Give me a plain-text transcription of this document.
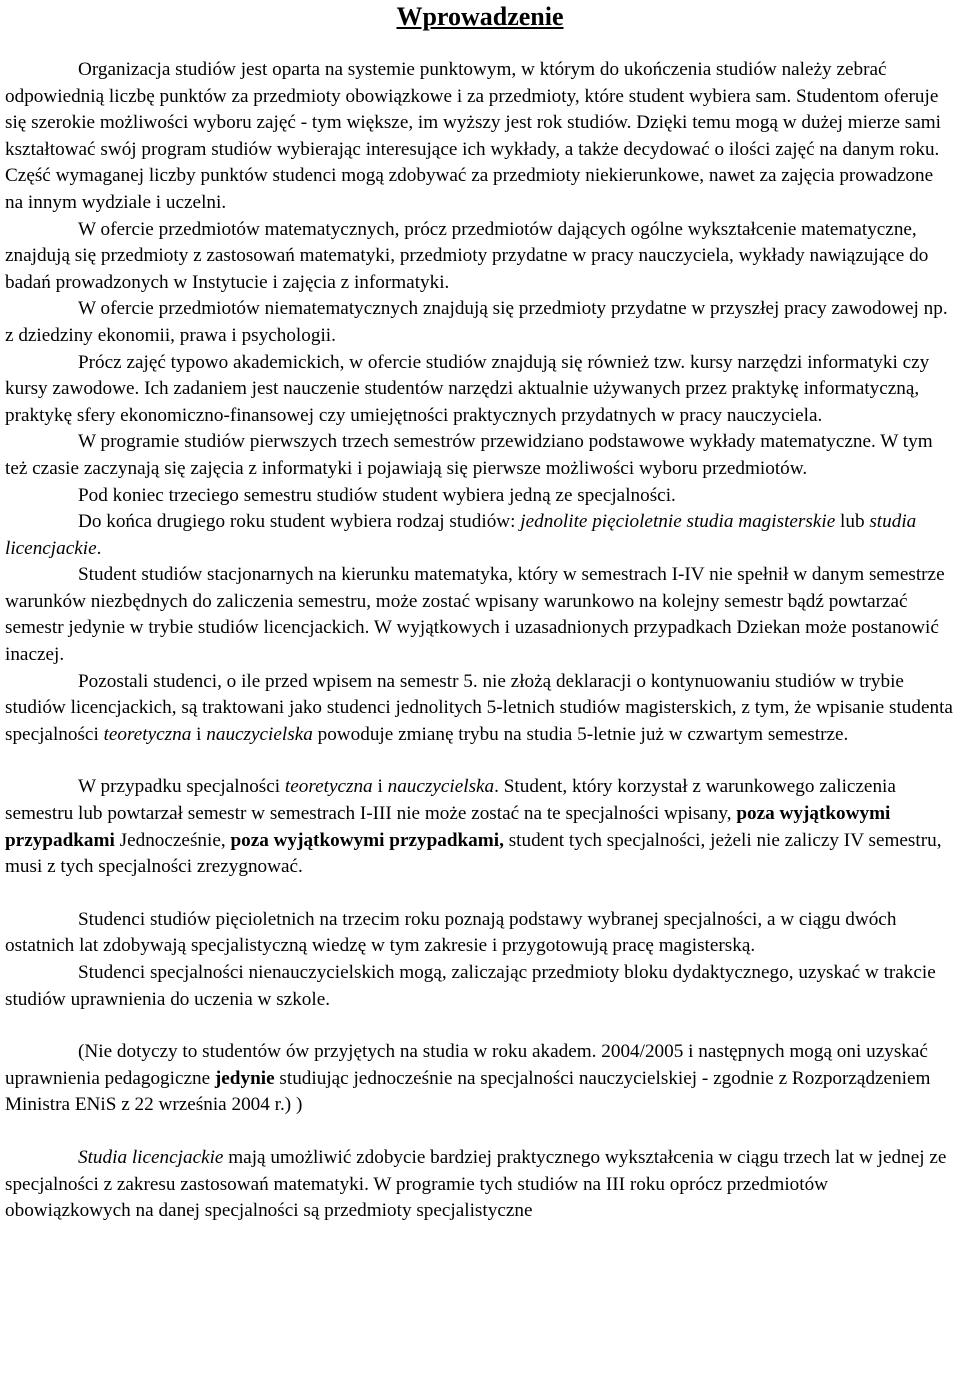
Wprowadzenie

Organizacja studiów jest oparta na systemie punktowym, w którym do ukończenia studiów należy zebrać odpowiednią liczbę punktów za przedmioty obowiązkowe i za przedmioty, które student wybiera sam. Studentom oferuje się szerokie możliwości wyboru zajęć - tym większe, im wyższy jest rok studiów. Dzięki temu mogą w dużej mierze sami kształtować swój program studiów wybierając interesujące ich wykłady, a także decydować o ilości zajęć na danym roku. Część wymaganej liczby punktów studenci mogą zdobywać za przedmioty niekierunkowe, nawet za zajęcia prowadzone na innym wydziale i uczelni.

W ofercie przedmiotów matematycznych, prócz przedmiotów dających ogólne wykształcenie matematyczne, znajdują się przedmioty z zastosowań matematyki, przedmioty przydatne w pracy nauczyciela, wykłady nawiązujące do badań prowadzonych w Instytucie i zajęcia z informatyki.

W ofercie przedmiotów niematematycznych znajdują się przedmioty przydatne w przyszłej pracy zawodowej np. z dziedziny ekonomii, prawa i psychologii.

Prócz zajęć typowo akademickich, w ofercie studiów znajdują się również tzw. kursy narzędzi informatyki czy kursy zawodowe. Ich zadaniem jest nauczenie studentów narzędzi aktualnie używanych przez praktykę informatyczną, praktykę sfery ekonomiczno-finansowej czy umiejętności praktycznych przydatnych w pracy nauczyciela.

W programie studiów pierwszych trzech semestrów przewidziano podstawowe wykłady matematyczne. W tym też czasie zaczynają się zajęcia z informatyki i pojawiają się pierwsze możliwości wyboru przedmiotów.

Pod koniec trzeciego semestru studiów student wybiera jedną ze specjalności.

Do końca drugiego roku student wybiera rodzaj studiów: jednolite pięcioletnie studia magisterskie lub studia licencjackie.

Student studiów stacjonarnych na kierunku matematyka, który w semestrach I-IV nie spełnił w danym semestrze warunków niezbędnych do zaliczenia semestru, może zostać wpisany warunkowo na kolejny semestr bądź powtarzać semestr jedynie w trybie studiów licencjackich. W wyjątkowych i uzasadnionych przypadkach Dziekan może postanowić inaczej.

Pozostali studenci, o ile przed wpisem na semestr 5. nie złożą deklaracji o kontynuowaniu studiów w trybie studiów licencjackich, są traktowani jako studenci jednolitych 5-letnich studiów magisterskich, z tym, że wpisanie studenta specjalności teoretyczna i nauczycielska powoduje zmianę trybu na studia 5-letnie już w czwartym semestrze.

W przypadku specjalności teoretyczna i nauczycielska. Student, który korzystał z warunkowego zaliczenia semestru lub powtarzał semestr w semestrach I-III nie może zostać na te specjalności wpisany, poza wyjątkowymi przypadkami Jednocześnie, poza wyjątkowymi przypadkami, student tych specjalności, jeżeli nie zaliczy IV semestru, musi z tych specjalności zrezygnować.

Studenci studiów pięcioletnich na trzecim roku poznają podstawy wybranej specjalności, a w ciągu dwóch ostatnich lat zdobywają specjalistyczną wiedzę w tym zakresie i przygotowują pracę magisterską.

Studenci specjalności nienauczycielskich mogą, zaliczając przedmioty bloku dydaktycznego, uzyskać w trakcie studiów uprawnienia do uczenia w szkole.

(Nie dotyczy to studentów ów przyjętych na studia w roku akadem. 2004/2005 i następnych mogą oni uzyskać uprawnienia pedagogiczne jedynie studiując jednocześnie na specjalności nauczycielskiej - zgodnie z Rozporządzeniem Ministra ENiS z 22 września 2004 r.) )

Studia licencjackie mają umożliwić zdobycie bardziej praktycznego wykształcenia w ciągu trzech lat w jednej ze specjalności z zakresu zastosowań matematyki. W programie tych studiów na III roku oprócz przedmiotów obowiązkowych na danej specjalności są przedmioty specjalistyczne
